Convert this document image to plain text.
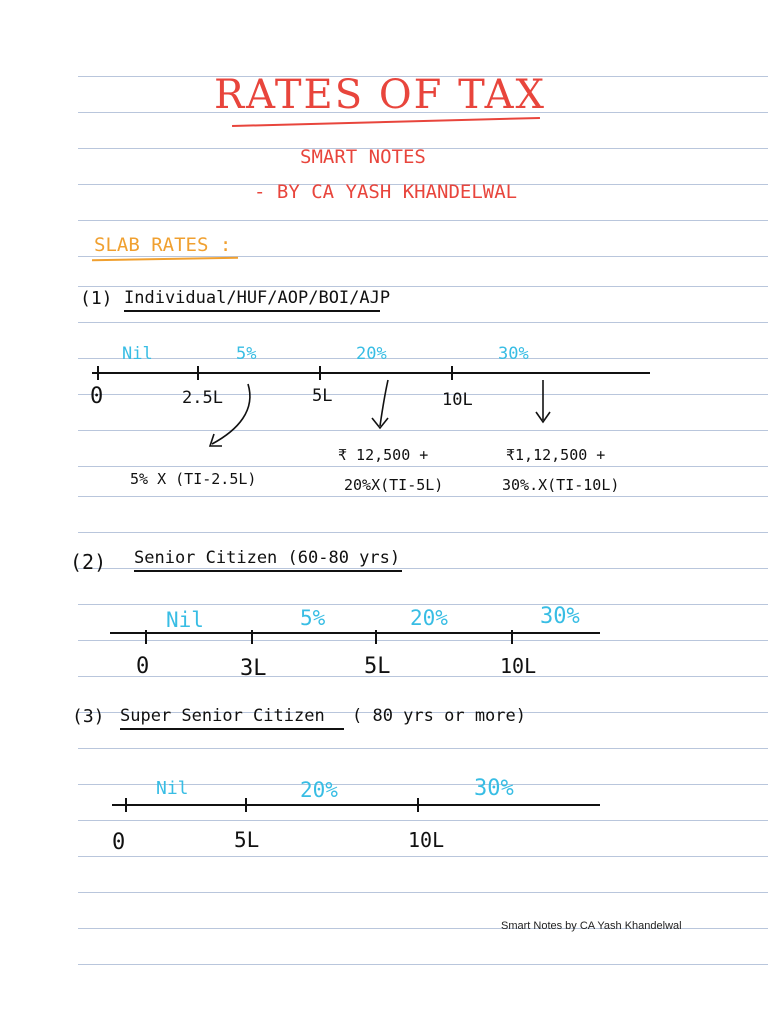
RATES OF TAX
SMART NOTES
- BY CA YASH KHANDELWAL
SLAB RATES :
(1) Individual/HUF/AOP/BOI/AJP
Nil	5%	20%	30%
0	2.5L	5L	10L
5% X (TI-2.5L)
₹ 12,500 +
20%X(TI-5L)
₹1,12,500 +
30%.X(TI-10L)
(2) Senior Citizen (60-80 yrs)
Nil	5%	20%	30%
0	3L	5L	10L
(3) Super Senior Citizen ( 80 yrs or more)
Nil	20%	30%
0	5L	10L
Smart Notes by CA Yash Khandelwal
